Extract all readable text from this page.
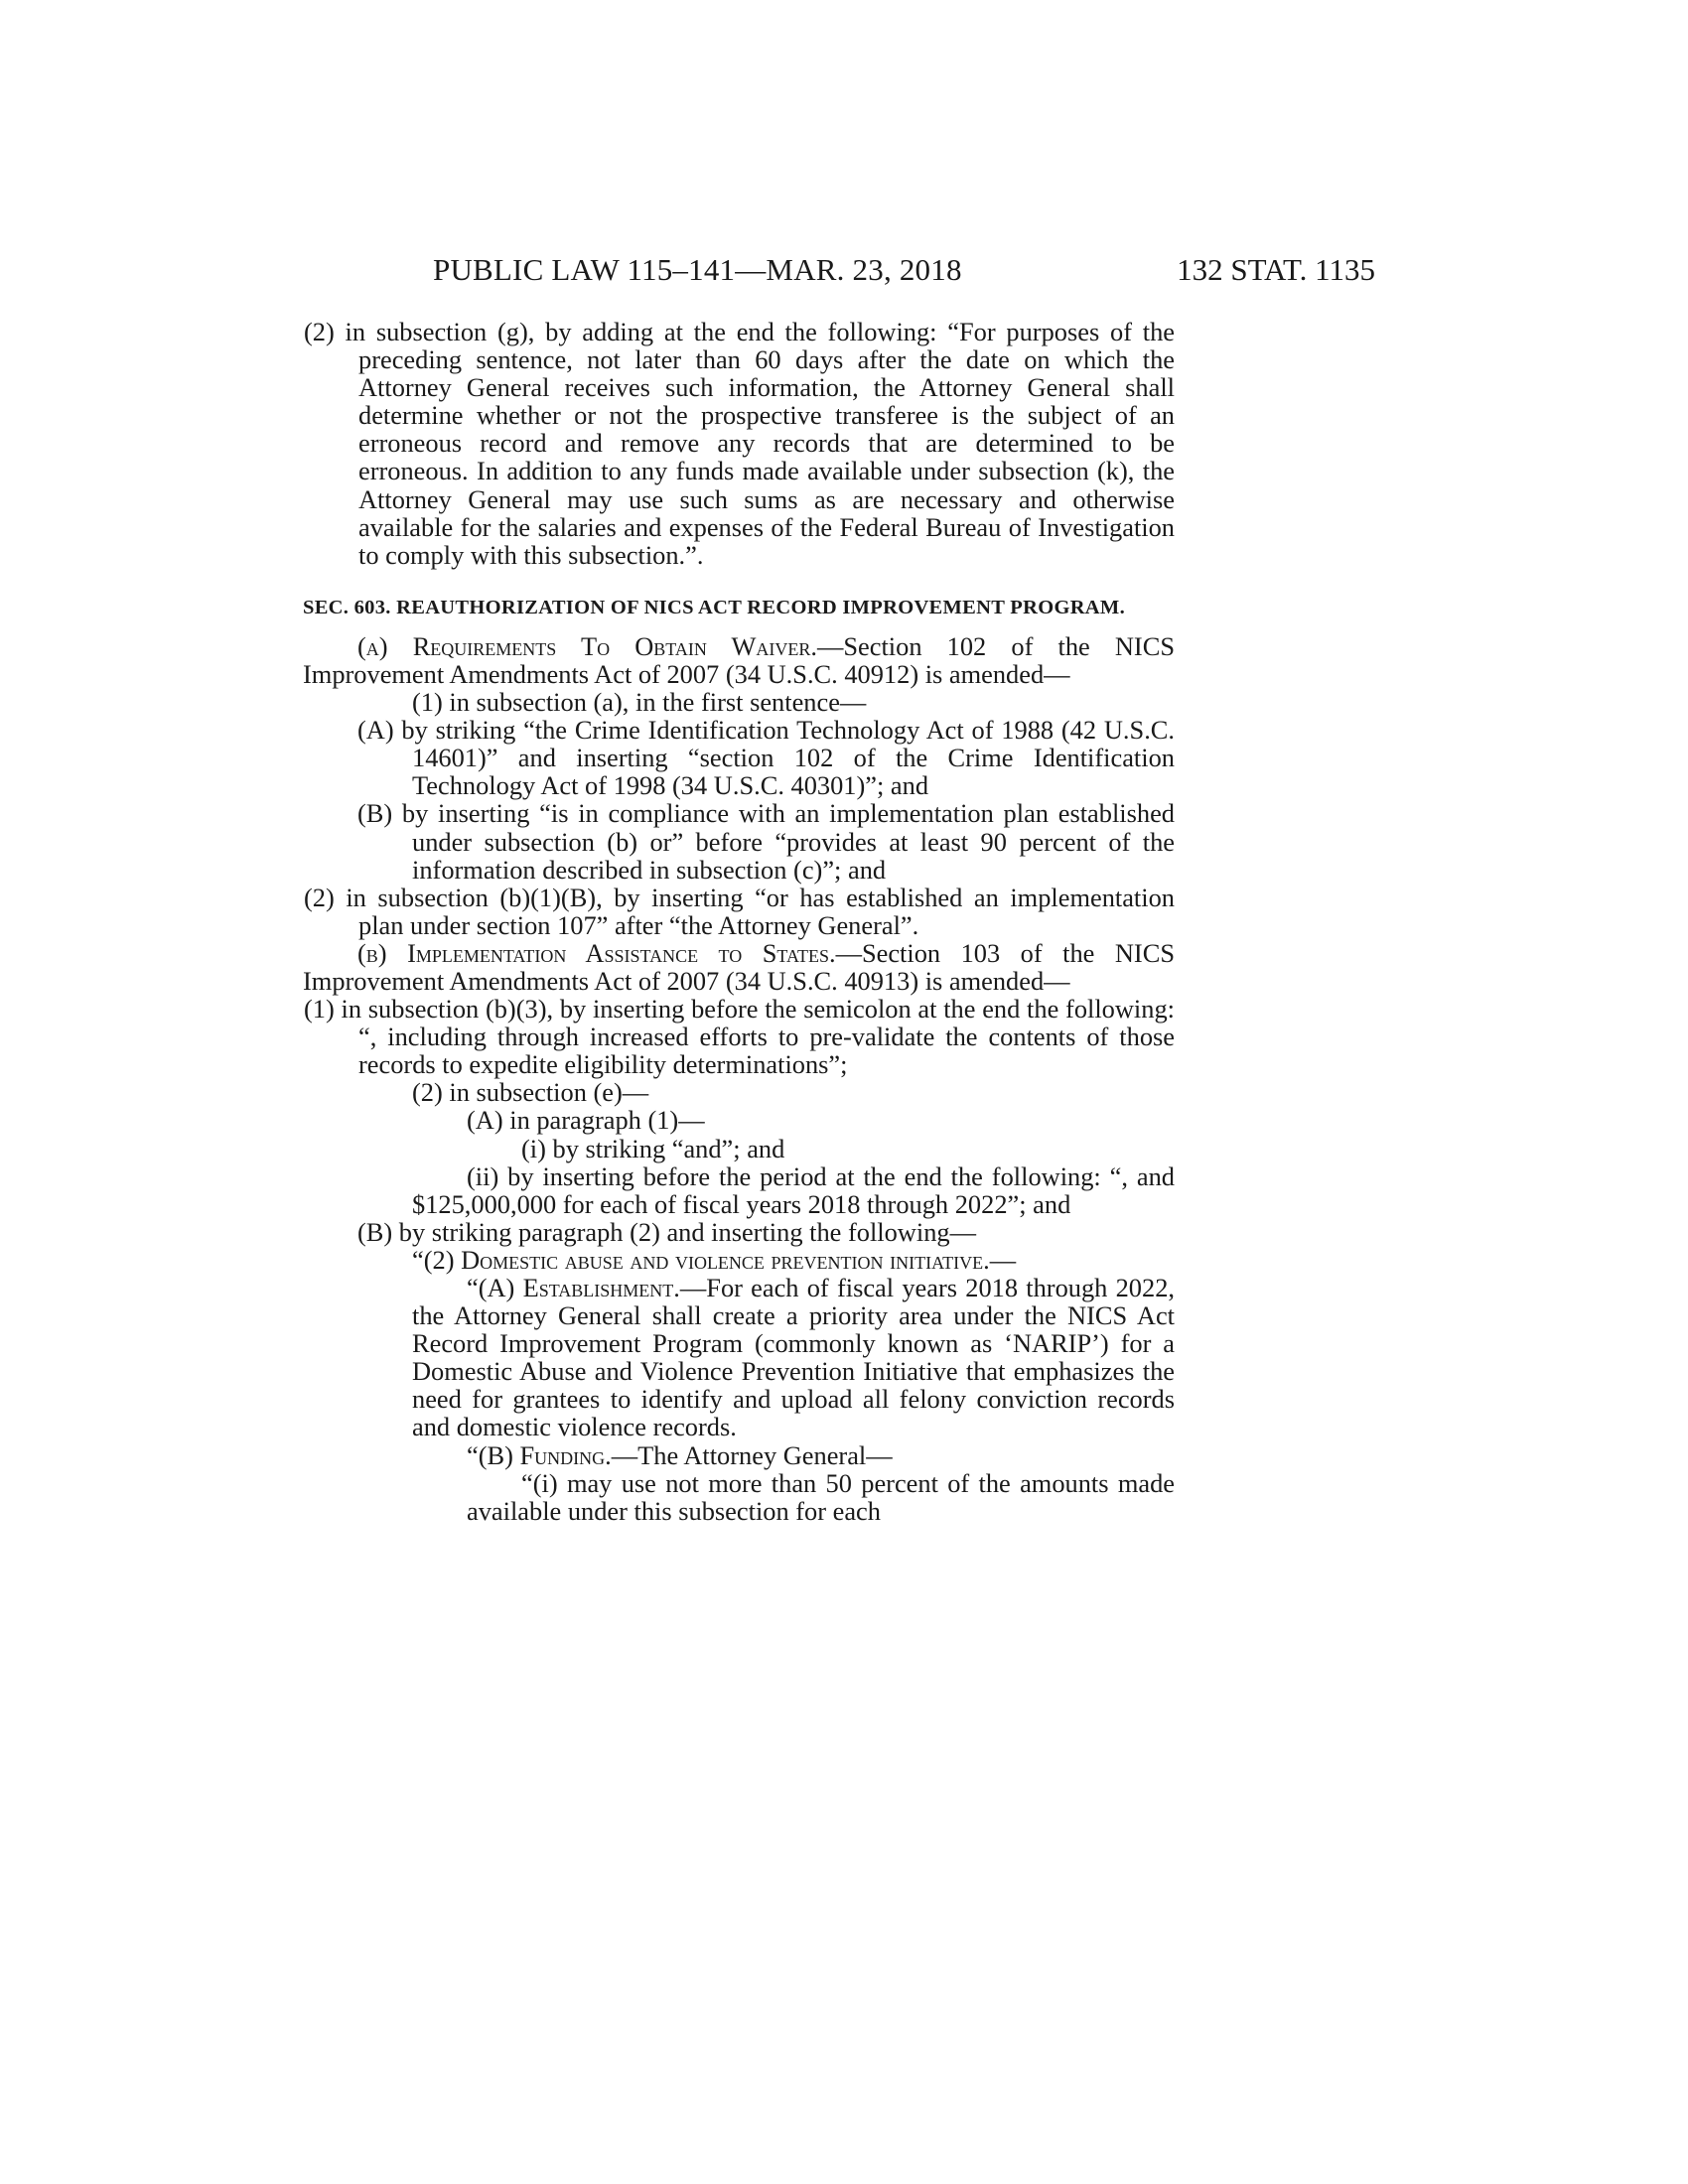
PUBLIC LAW 115–141—MAR. 23, 2018	132 STAT. 1135

(2) in subsection (g), by adding at the end the following: “For purposes of the preceding sentence, not later than 60 days after the date on which the Attorney General receives such information, the Attorney General shall determine whether or not the prospective transferee is the subject of an erroneous record and remove any records that are determined to be erroneous. In addition to any funds made available under subsection (k), the Attorney General may use such sums as are necessary and otherwise available for the salaries and expenses of the Federal Bureau of Investigation to comply with this subsection.”.

SEC. 603. REAUTHORIZATION OF NICS ACT RECORD IMPROVEMENT PROGRAM.

(a) Requirements To Obtain Waiver.—Section 102 of the NICS Improvement Amendments Act of 2007 (34 U.S.C. 40912) is amended—

(1) in subsection (a), in the first sentence—

(A) by striking “the Crime Identification Technology Act of 1988 (42 U.S.C. 14601)” and inserting “section 102 of the Crime Identification Technology Act of 1998 (34 U.S.C. 40301)”; and

(B) by inserting “is in compliance with an implementation plan established under subsection (b) or” before “provides at least 90 percent of the information described in subsection (c)”; and

(2) in subsection (b)(1)(B), by inserting “or has established an implementation plan under section 107” after “the Attorney General”.

(b) Implementation Assistance to States.—Section 103 of the NICS Improvement Amendments Act of 2007 (34 U.S.C. 40913) is amended—

(1) in subsection (b)(3), by inserting before the semicolon at the end the following: “, including through increased efforts to pre-validate the contents of those records to expedite eligibility determinations”;

(2) in subsection (e)—

(A) in paragraph (1)—

(i) by striking “and”; and

(ii) by inserting before the period at the end the following: “, and $125,000,000 for each of fiscal years 2018 through 2022”; and

(B) by striking paragraph (2) and inserting the following—

“(2) Domestic abuse and violence prevention initiative.—

“(A) Establishment.—For each of fiscal years 2018 through 2022, the Attorney General shall create a priority area under the NICS Act Record Improvement Program (commonly known as ‘NARIP’) for a Domestic Abuse and Violence Prevention Initiative that emphasizes the need for grantees to identify and upload all felony conviction records and domestic violence records.

“(B) Funding.—The Attorney General—

“(i) may use not more than 50 percent of the amounts made available under this subsection for each
